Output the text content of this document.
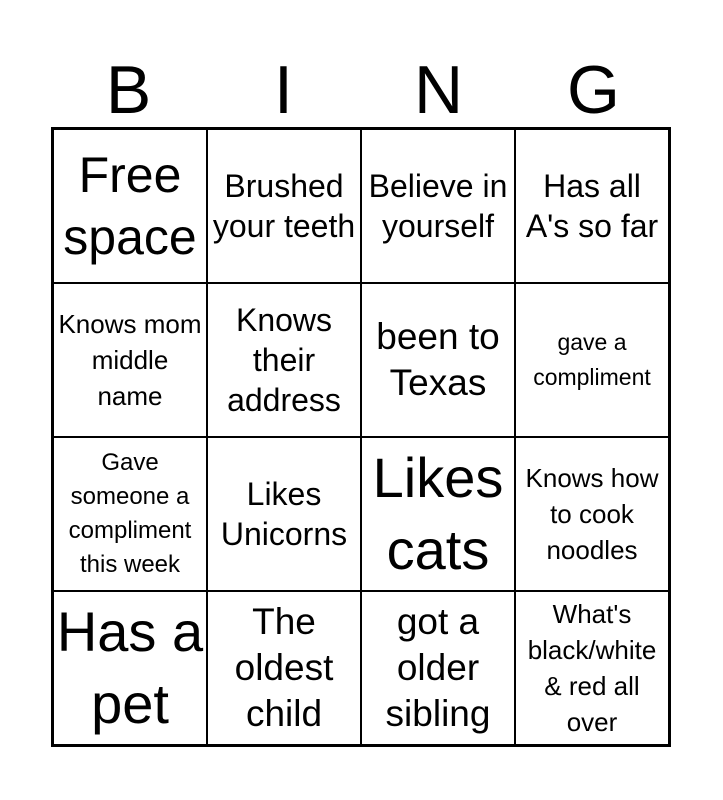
B	I	N	G
Free space
Brushed your teeth
Believe in yourself
Has all A's so far
Knows mom middle name
Knows their address
been to Texas
gave a compliment
Gave someone a compliment this week
Likes Unicorns
Likes cats
Knows how to cook noodles
Has a pet
The oldest child
got a older sibling
What's black/white & red all over
